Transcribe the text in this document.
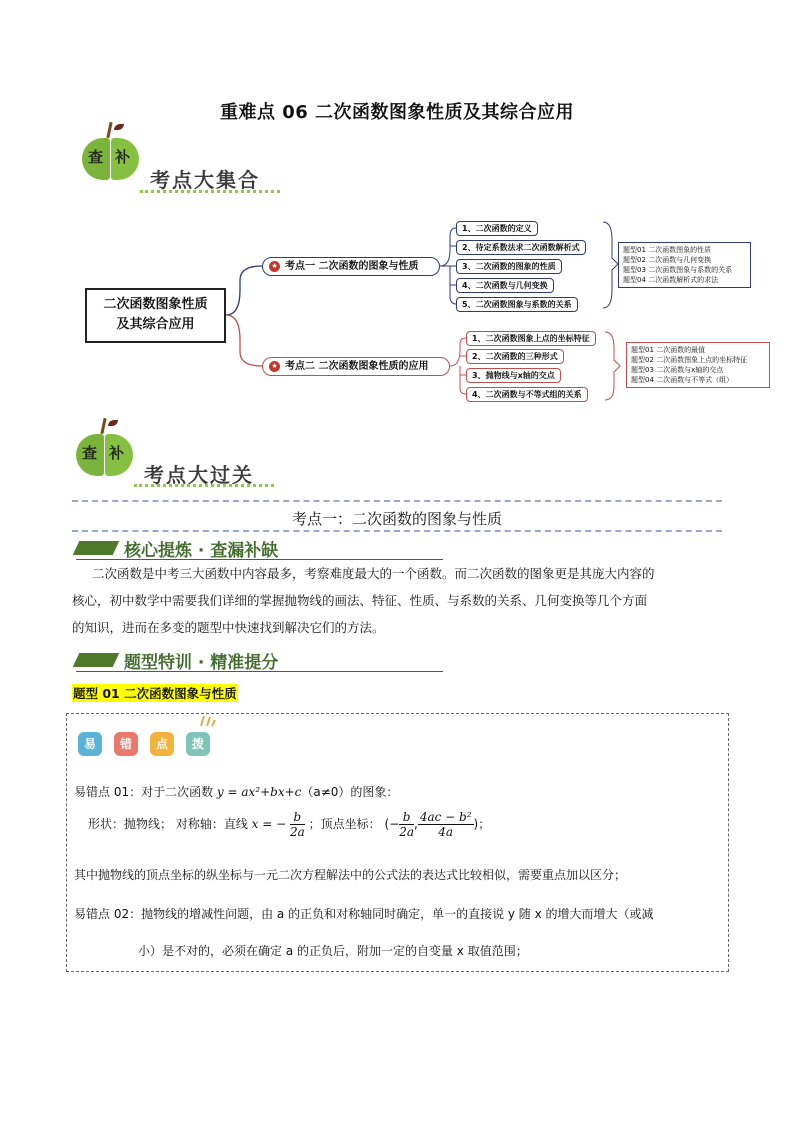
重难点 06 二次函数图象性质及其综合应用
查 补
考点大集合
二次函数图象性质
及其综合应用
★ 考点一 二次函数的图象与性质
★ 考点二 二次函数图象性质的应用
1、二次函数的定义
2、待定系数法求二次函数解析式
3、二次函数的图象的性质
4、二次函数与几何变换
5、二次函数图象与系数的关系
题型01 二次函数图象的性质
题型02 二次函数与几何变换
题型03 二次函数图象与系数的关系
题型04 二次函数解析式的求法
1、二次函数图象上点的坐标特征
2、二次函数的三种形式
3、抛物线与x轴的交点
4、二次函数与不等式组的关系
题型01 二次函数的最值
题型02 二次函数图象上点的坐标特征
题型03 二次函数与x轴的交点
题型04 二次函数与不等式（组）
查 补
考点大过关
考点一：二次函数的图象与性质
核心提炼 · 查漏补缺
二次函数是中考三大函数中内容最多，考察难度最大的一个函数。而二次函数的图象更是其庞大内容的
核心，初中数学中需要我们详细的掌握抛物线的画法、特征、性质、与系数的关系、几何变换等几个方面
的知识，进而在多变的题型中快速找到解决它们的方法。
题型特训 · 精准提分
题型 01 二次函数图象与性质
易	错	点	拨
易错点 01：对于二次函数 y = ax²+bx+c（a≠0）的图象：
形状：抛物线； 对称轴：直线 x = − $\frac{b}{2a}$ ；顶点坐标： (− $\frac{b}{2a}$ , $\frac{\text{4ac − b²}}{4a}$ )；
其中抛物线的顶点坐标的纵坐标与一元二次方程解法中的公式法的表达式比较相似，需要重点加以区分；
易错点 02：抛物线的增减性问题，由 a 的正负和对称轴同时确定，单一的直接说 y 随 x 的增大而增大（或减
小）是不对的，必须在确定 a 的正负后，附加一定的自变量 x 取值范围；
